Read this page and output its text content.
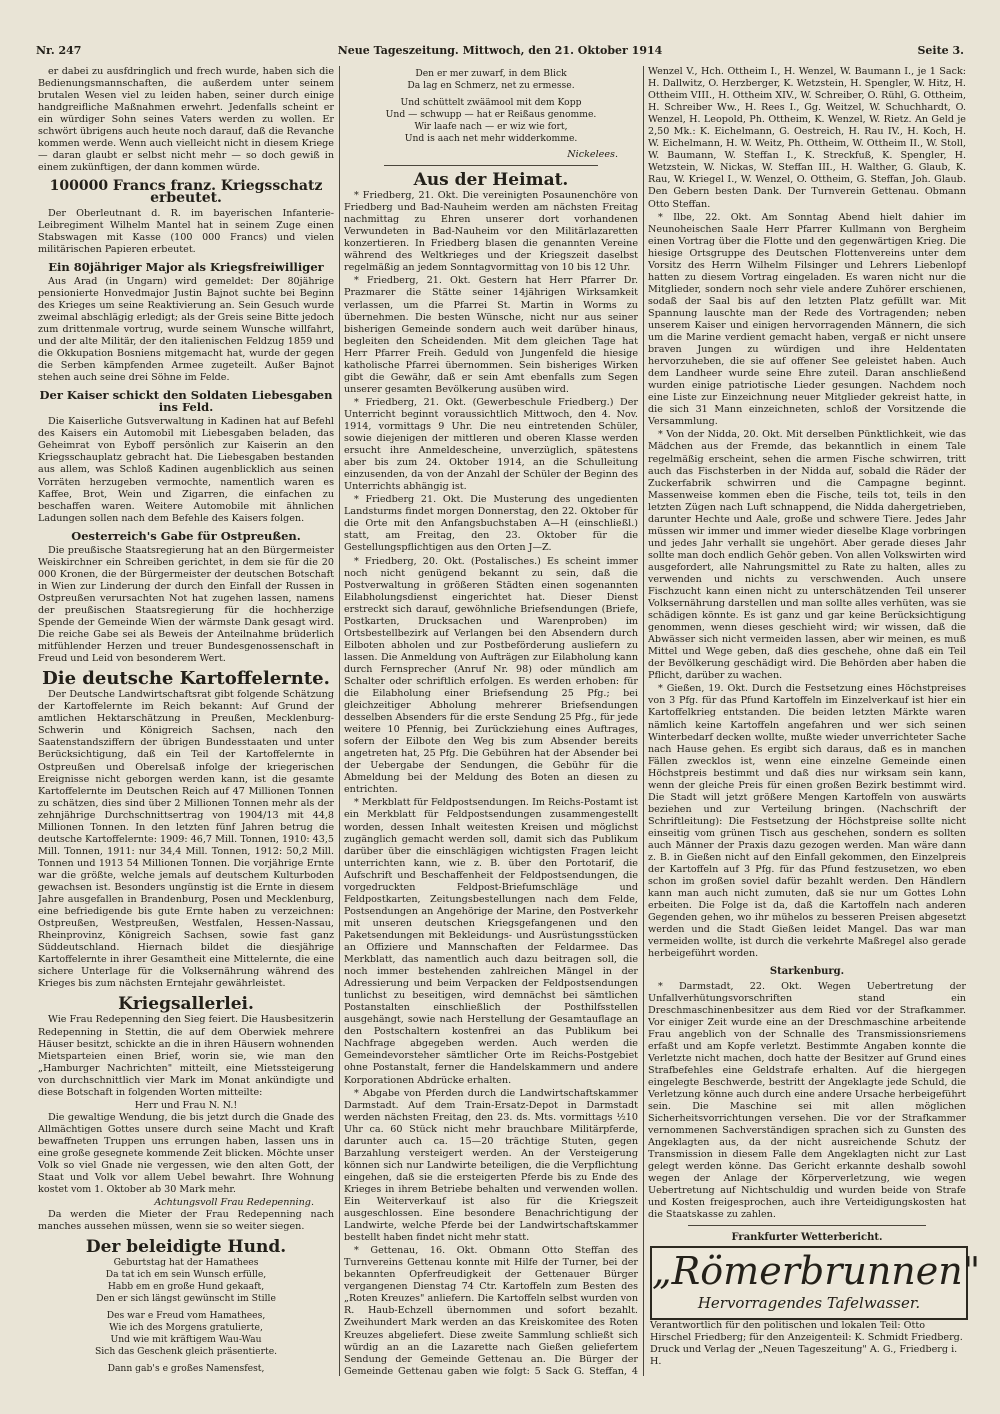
Nr. 247	Neue Tageszeitung. Mittwoch, den 21. Oktober 1914	Seite 3.

er dabei zu ausfdringlich und frech wurde, haben sich die Bedienungsmannschaften, die außerdem unter seinem brutalen Wesen viel zu leiden haben, seiner durch einige handgreifliche Maßnahmen erwehrt. Jedenfalls scheint er ein würdiger Sohn seines Vaters werden zu wollen. Er schwört übrigens auch heute noch darauf, daß die Revanche kommen werde. Wenn auch vielleicht nicht in diesem Kriege — daran glaubt er selbst nicht mehr — so doch gewiß in einem zukünftigen, der dann kommen würde.

100000 Francs franz. Kriegsschatz erbeutet.

Der Oberleutnant d. R. im bayerischen Infanterie-Leibregiment Wilhelm Mantel hat in seinem Zuge einen Stabswagen mit Kasse (100 000 Francs) und vielen militärischen Papieren erbeutet.

Ein 80jähriger Major als Kriegsfreiwilliger

Aus Arad (in Ungarn) wird gemeldet: Der 80jährige pensionierte Honvedmajor Justin Bajnot suchte bei Beginn des Krieges um seine Reaktivierung an. Sein Gesuch wurde zweimal abschlägig erledigt; als der Greis seine Bitte jedoch zum drittenmale vortrug, wurde seinem Wunsche willfahrt, und der alte Militär, der den italienischen Feldzug 1859 und die Okkupation Bosniens mitgemacht hat, wurde der gegen die Serben kämpfenden Armee zugeteilt. Außer Bajnot stehen auch seine drei Söhne im Felde.

Der Kaiser schickt den Soldaten Liebesgaben ins Feld.

Die Kaiserliche Gutsverwaltung in Kadinen hat auf Befehl des Kaisers ein Automobil mit Liebesgaben beladen, das Geheimrat von Eyboff persönlich zur Kaiserin an den Kriegsschauplatz gebracht hat. Die Liebesgaben bestanden aus allem, was Schloß Kadinen augenblicklich aus seinen Vorräten herzugeben vermochte, namentlich waren es Kaffee, Brot, Wein und Zigarren, die einfachen zu beschaffen waren. Weitere Automobile mit ähnlichen Ladungen sollen nach dem Befehle des Kaisers folgen.

Oesterreich's Gabe für Ostpreußen.

Die preußische Staatsregierung hat an den Bürgermeister Weiskirchner ein Schreiben gerichtet, in dem sie für die 20 000 Kronen, die der Bürgermeister der deutschen Botschaft in Wien zur Linderung der durch den Einfall der Russen in Ostpreußen verursachten Not hat zugehen lassen, namens der preußischen Staatsregierung für die hochherzige Spende der Gemeinde Wien der wärmste Dank gesagt wird. Die reiche Gabe sei als Beweis der Anteilnahme brüderlich mitfühlender Herzen und treuer Bundesgenossenschaft in Freud und Leid von besonderem Wert.

Die deutsche Kartoffelernte.

Der Deutsche Landwirtschaftsrat gibt folgende Schätzung der Kartoffelernte im Reich bekannt: Auf Grund der amtlichen Hektarschätzung in Preußen, Mecklenburg-Schwerin und Königreich Sachsen, nach den Saatenstandsziffern der übrigen Bundesstaaten und unter Berücksichtigung, daß ein Teil der Kartoffelernte in Ostpreußen und Oberelsaß infolge der kriegerischen Ereignisse nicht geborgen werden kann, ist die gesamte Kartoffelernte im Deutschen Reich auf 47 Millionen Tonnen zu schätzen, dies sind über 2 Millionen Tonnen mehr als der zehnjährige Durchschnittsertrag von 1904/13 mit 44,8 Millionen Tonnen. In den letzten fünf Jahren betrug die deutsche Kartoffelernte: 1909: 46,7 Mill. Tonnen, 1910: 43,5 Mill. Tonnen, 1911: nur 34,4 Mill. Tonnen, 1912: 50,2 Mill. Tonnen und 1913 54 Millionen Tonnen. Die vorjährige Ernte war die größte, welche jemals auf deutschem Kulturboden gewachsen ist. Besonders ungünstig ist die Ernte in diesem Jahre ausgefallen in Brandenburg, Posen und Mecklenburg, eine befriedigende bis gute Ernte haben zu verzeichnen: Ostpreußen, Westpreußen, Westfalen, Hessen-Nassau, Rheinprovinz, Königreich Sachsen, sowie fast ganz Süddeutschland. Hiernach bildet die diesjährige Kartoffelernte in ihrer Gesamtheit eine Mittelernte, die eine sichere Unterlage für die Volksernährung während des Krieges bis zum nächsten Erntejahr gewährleistet.

Kriegsallerlei.

Wie Frau Redepenning den Sieg feiert. Die Hausbesitzerin Redepenning in Stettin, die auf dem Oberwiek mehrere Häuser besitzt, schickte an die in ihren Häusern wohnenden Mietsparteien einen Brief, worin sie, wie man den „Hamburger Nachrichten" mitteilt, eine Mietssteigerung von durchschnittlich vier Mark im Monat ankündigte und diese Botschaft in folgenden Worten mitteilte:

Herr und Frau N. N.!

Die gewaltige Wendung, die bis jetzt durch die Gnade des Allmächtigen Gottes unsere durch seine Macht und Kraft bewaffneten Truppen uns errungen haben, lassen uns in eine große gesegnete kommende Zeit blicken. Möchte unser Volk so viel Gnade nie vergessen, wie den alten Gott, der Staat und Volk vor allem Uebel bewahrt. Ihre Wohnung kostet vom 1. Oktober ab 30 Mark mehr.

Achtungsvoll Frau Redepenning.

Da werden die Mieter der Frau Redepenning nach manches aussehen müssen, wenn sie so weiter siegen.

Der beleidigte Hund.
Geburtstag hat der Hamathees
Da tat ich em sein Wunsch erfülle,
Habb em en große Hund gekaaft,
Den er sich längst gewünscht im Stille
Des war e Freud vom Hamathees,
Wie ich des Morgens gratulierte,
Und wie mit kräftigem Wau-Wau
Sich das Geschenk gleich präsentierte.
Dann gab's e großes Namensfest,
Den er mer zuwarf, in dem Blick
Da lag en Schmerz, net zu ermesse.
Und schüttelt zwäämool mit dem Kopp
Und — schwupp — hat er Reißaus genomme.
Wir laafe nach — er wiz wie fort,
Und is aach net mehr widderkomme.
Nickelees.
Aus der Heimat.

* Friedberg, 21. Okt. Die vereinigten Posaunenchöre von Friedberg und Bad-Nauheim werden am nächsten Freitag nachmittag zu Ehren unserer dort vorhandenen Verwundeten in Bad-Nauheim vor den Militärlazaretten konzertieren. In Friedberg blasen die genannten Vereine während des Weltkrieges und der Kriegszeit daselbst regelmäßig an jedem Sonntagvormittag von 10 bis 12 Uhr.

* Friedberg, 21. Okt. Gestern hat Herr Pfarrer Dr. Prazmarer die Stätte seiner 14jährigen Wirksamkeit verlassen, um die Pfarrei St. Martin in Worms zu übernehmen. Die besten Wünsche, nicht nur aus seiner bisherigen Gemeinde sondern auch weit darüber hinaus, begleiten den Scheidenden. Mit dem gleichen Tage hat Herr Pfarrer Freih. Geduld von Jungenfeld die hiesige katholische Pfarrei übernommen. Sein bisheriges Wirken gibt die Gewähr, daß er sein Amt ebenfalls zum Segen unserer gesamten Bevölkerung ausüben wird.

* Friedberg, 21. Okt. (Gewerbeschule Friedberg.) Der Unterricht beginnt voraussichtlich Mittwoch, den 4. Nov. 1914, vormittags 9 Uhr. Die neu eintretenden Schüler, sowie diejenigen der mittleren und oberen Klasse werden ersucht ihre Anmeldescheine, unverzüglich, spätestens aber bis zum 24. Oktober 1914, an die Schulleitung einzusenden, da von der Anzahl der Schüler der Beginn des Unterrichts abhängig ist.

* Friedberg 21. Okt. Die Musterung des ungedienten Landsturms findet morgen Donnerstag, den 22. Oktober für die Orte mit den Anfangsbuchstaben A—H (einschließl.) statt, am Freitag, den 23. Oktober für die Gestellungspflichtigen aus den Orten J—Z.

* Friedberg, 20. Okt. (Postalisches.) Es scheint immer noch nicht genügend bekannt zu sein, daß die Postverwaltung in größeren Städten einen sogenannten Eilabholungsdienst eingerichtet hat. Dieser Dienst erstreckt sich darauf, gewöhnliche Briefsendungen (Briefe, Postkarten, Drucksachen und Warenproben) im Ortsbestellbezirk auf Verlangen bei den Absendern durch Eilboten abholen und zur Postbeförderung ausliefern zu lassen. Die Anmeldung von Aufträgen zur Eilabholung kann durch Fernsprecher (Anruf Nr. 98) oder mündlich am Schalter oder schriftlich erfolgen. Es werden erhoben: für die Eilabholung einer Briefsendung 25 Pfg.; bei gleichzeitiger Abholung mehrerer Briefsendungen desselben Absenders für die erste Sendung 25 Pfg., für jede weitere 10 Pfennig, bei Zurückziehung eines Auftrages, sofern der Eilbote den Weg bis zum Absender bereits angetreten hat, 25 Pfg. Die Gebühren hat der Absender bei der Uebergabe der Sendungen, die Gebühr für die Abmeldung bei der Meldung des Boten an diesen zu entrichten.

* Merkblatt für Feldpostsendungen. Im Reichs-Postamt ist ein Merkblatt für Feldpostsendungen zusammengestellt worden, dessen Inhalt weitesten Kreisen und möglichst zugänglich gemacht werden soll, damit sich das Publikum darüber über die einschlägigen wichtigsten Fragen leicht unterrichten kann, wie z. B. über den Portotarif, die Aufschrift und Beschaffenheit der Feldpostsendungen, die vorgedruckten Feldpost-Briefumschläge und Feldpostkarten, Zeitungsbestellungen nach dem Felde, Postsendungen an Angehörige der Marine, den Postverkehr mit unseren deutschen Kriegsgefangenen und den Paketsendungen mit Bekleidungs- und Ausrüstungsstücken an Offiziere und Mannschaften der Feldarmee. Das Merkblatt, das namentlich auch dazu beitragen soll, die noch immer bestehenden zahlreichen Mängel in der Adressierung und beim Verpacken der Feldpostsendungen tunlichst zu beseitigen, wird demnächst bei sämtlichen Postanstalten einschließlich der Posthilfsstellen ausgehängt, sowie nach Herstellung der Gesamtauflage an den Postschaltern kostenfrei an das Publikum bei Nachfrage abgegeben werden. Auch werden die Gemeindevorsteher sämtlicher Orte im Reichs-Postgebiet ohne Postanstalt, ferner die Handelskammern und andere Korporationen Abdrücke erhalten.

* Abgabe von Pferden durch die Landwirtschaftskammer Darmstadt. Auf dem Train-Ersatz-Depot in Darmstadt werden nächsten Freitag, den 23. ds. Mts. vormittags ½10 Uhr ca. 60 Stück nicht mehr brauchbare Militärpferde, darunter auch ca. 15—20 trächtige Stuten, gegen Barzahlung versteigert werden. An der Versteigerung können sich nur Landwirte beteiligen, die die Verpflichtung eingehen, daß sie die ersteigerten Pferde bis zu Ende des Krieges in ihrem Betriebe behalten und verwenden wollen. Ein Weiterverkauf ist also für die Kriegszeit ausgeschlossen. Eine besondere Benachrichtigung der Landwirte, welche Pferde bei der Landwirtschaftskammer bestellt haben findet nicht mehr statt.

* Gettenau, 16. Okt. Obmann Otto Steffan des Turnvereins Gettenau konnte mit Hilfe der Turner, bei der bekannten Opferfreudigkeit der Gettenauer Bürger vergangenen Dienstag 74 Ctr. Kartoffeln zum Besten des „Roten Kreuzes" anliefern. Die Kartoffeln selbst wurden von R. Haub-Echzell übernommen und sofort bezahlt. Zweihundert Mark werden an das Kreiskomitee des Roten Kreuzes abgeliefert. Diese zweite Sammlung schließt sich würdig an an die Lazarette nach Gießen geliefertem Sendung der Gemeinde Gettenau an. Die Bürger der Gemeinde Gettenau gaben wie folgt: 5 Sack G. Steffan, 4

Wenzel V., Hch. Ottheim I., H. Wenzel, W. Baumann I., je 1 Sack: H. Dallwitz, O. Herzberger, K. Wetzstein, H. Spengler, W. Hitz, H. Ottheim VIII., H. Ottheim XIV., W. Schreiber, O. Rühl, G. Ottheim, H. Schreiber Ww., H. Rees I., Gg. Weitzel, W. Schuchhardt, O. Wenzel, H. Leopold, Ph. Ottheim, K. Wenzel, W. Rietz. An Geld je 2,50 Mk.: K. Eichelmann, G. Oestreich, H. Rau IV., H. Koch, H. W. Eichelmann, H. W. Weitz, Ph. Ottheim, W. Ottheim II., W. Stoll, W. Baumann, W. Steffan I., K. Streckfuß, K. Spengler, H. Wetzstein, W. Nickas, W. Steffan III., H. Walther, G. Glaub, K. Rau, W. Kriegel I., W. Wenzel, O. Ottheim, G. Steffan, Joh. Glaub. Den Gebern besten Dank. Der Turnverein Gettenau. Obmann Otto Steffan.

* Ilbe, 22. Okt. Am Sonntag Abend hielt dahier im Neunoheischen Saale Herr Pfarrer Kullmann von Bergheim einen Vortrag über die Flotte und den gegenwärtigen Krieg. Die hiesige Ortsgruppe des Deutschen Flottenvereins unter dem Vorsitz des Herrn Wilhelm Filsinger und Lehrers Liebenlopf hatten zu diesem Vortrag eingeladen. Es waren nicht nur die Mitglieder, sondern noch sehr viele andere Zuhörer erschienen, sodaß der Saal bis auf den letzten Platz gefüllt war. Mit Spannung lauschte man der Rede des Vortragenden; neben unserem Kaiser und einigen hervorragenden Männern, die sich um die Marine verdient gemacht haben, vergaß er nicht unsere braven Jungen zu würdigen und ihre Heldentaten hervorzuheben, die sie auf offener See geleistet haben. Auch dem Landheer wurde seine Ehre zuteil. Daran anschließend wurden einige patriotische Lieder gesungen. Nachdem noch eine Liste zur Einzeichnung neuer Mitglieder gekreist hatte, in die sich 31 Mann einzeichneten, schloß der Vorsitzende die Versammlung.

* Von der Nidda, 20. Okt. Mit derselben Pünktlichkeit, wie das Mädchen aus der Fremde, das bekanntlich in einem Tale regelmäßig erscheint, sehen die armen Fische schwirren, tritt auch das Fischsterben in der Nidda auf, sobald die Räder der Zuckerfabrik schwirren und die Campagne beginnt. Massenweise kommen eben die Fische, teils tot, teils in den letzten Zügen nach Luft schnappend, die Nidda dahergetrieben, darunter Hechte und Aale, große und schwere Tiere. Jedes Jahr müssen wir immer und immer wieder dieselbe Klage vorbringen und jedes Jahr verhallt sie ungehört. Aber gerade dieses Jahr sollte man doch endlich Gehör geben. Von allen Volkswirten wird ausgefordert, alle Nahrungsmittel zu Rate zu halten, alles zu verwenden und nichts zu verschwenden. Auch unsere Fischzucht kann einen nicht zu unterschätzenden Teil unserer Volksernährung darstellen und man sollte alles verhüten, was sie schädigen könnte. Es ist ganz und gar keine Berücksichtigung genommen, wenn dieses geschieht wird; wir wissen, daß die Abwässer sich nicht vermeiden lassen, aber wir meinen, es muß Mittel und Wege geben, daß dies geschehe, ohne daß ein Teil der Bevölkerung geschädigt wird. Die Behörden aber haben die Pflicht, darüber zu wachen.

* Gießen, 19. Okt. Durch die Festsetzung eines Höchstpreises von 3 Pfg. für das Pfund Kartoffeln im Einzelverkauf ist hier ein Kartoffelkrieg entstanden. Die beiden letzten Märkte waren nämlich keine Kartoffeln angefahren und wer sich seinen Winterbedarf decken wollte, mußte wieder unverrichteter Sache nach Hause gehen. Es ergibt sich daraus, daß es in manchen Fällen zwecklos ist, wenn eine einzelne Gemeinde einen Höchstpreis bestimmt und daß dies nur wirksam sein kann, wenn der gleiche Preis für einen großen Bezirk bestimmt wird. Die Stadt will jetzt größere Mengen Kartoffeln von auswärts beziehen und zur Verteilung bringen. (Nachschrift der Schriftleitung): Die Festsetzung der Höchstpreise sollte nicht einseitig vom grünen Tisch aus geschehen, sondern es sollten auch Männer der Praxis dazu gezogen werden. Man wäre dann z. B. in Gießen nicht auf den Einfall gekommen, den Einzelpreis der Kartoffeln auf 3 Pfg. für das Pfund festzusetzen, wo eben schon im großen soviel dafür bezahlt werden. Den Händlern kann man auch nicht zumuten, daß sie nur um Gottes Lohn erbeiten. Die Folge ist da, daß die Kartoffeln nach anderen Gegenden gehen, wo ihr mühelos zu besseren Preisen abgesetzt werden und die Stadt Gießen leidet Mangel. Das war man vermeiden wollte, ist durch die verkehrte Maßregel also gerade herbeigeführt worden.

Starkenburg.

* Darmstadt, 22. Okt. Wegen Uebertretung der Unfallverhütungsvorschriften stand ein Dreschmaschinenbesitzer aus dem Ried vor der Strafkammer. Vor einiger Zeit wurde eine an der Dreschmaschine arbeitende Frau angeblich von der Schnalle des Transmissionsriemens erfaßt und am Kopfe verletzt. Bestimmte Angaben konnte die Verletzte nicht machen, doch hatte der Besitzer auf Grund eines Strafbefehles eine Geldstrafe erhalten. Auf die hiergegen eingelegte Beschwerde, bestritt der Angeklagte jede Schuld, die Verletzung könne auch durch eine andere Ursache herbeigeführt sein. Die Maschine sei mit allen möglichen Sicherheitsvorrichtungen versehen. Die vor der Strafkammer vernommenen Sachverständigen sprachen sich zu Gunsten des Angeklagten aus, da der nicht ausreichende Schutz der Transmission in diesem Falle dem Angeklagten nicht zur Last gelegt werden könne. Das Gericht erkannte deshalb sowohl wegen der Anlage der Körperverletzung, wie wegen Uebertretung auf Nichtschuldig und wurden beide von Strafe und Kosten freigesprochen, auch ihre Verteidigungskosten hat die Staatskasse zu zahlen.

Frankfurter Wetterbericht.
„Römerbrunnen"
Hervorragendes Tafelwasser.
Verantwortlich für den politischen und lokalen Teil: Otto Hirschel Friedberg; für den Anzeigenteil: K. Schmidt Friedberg. Druck und Verlag der „Neuen Tageszeitung" A. G., Friedberg i. H.
